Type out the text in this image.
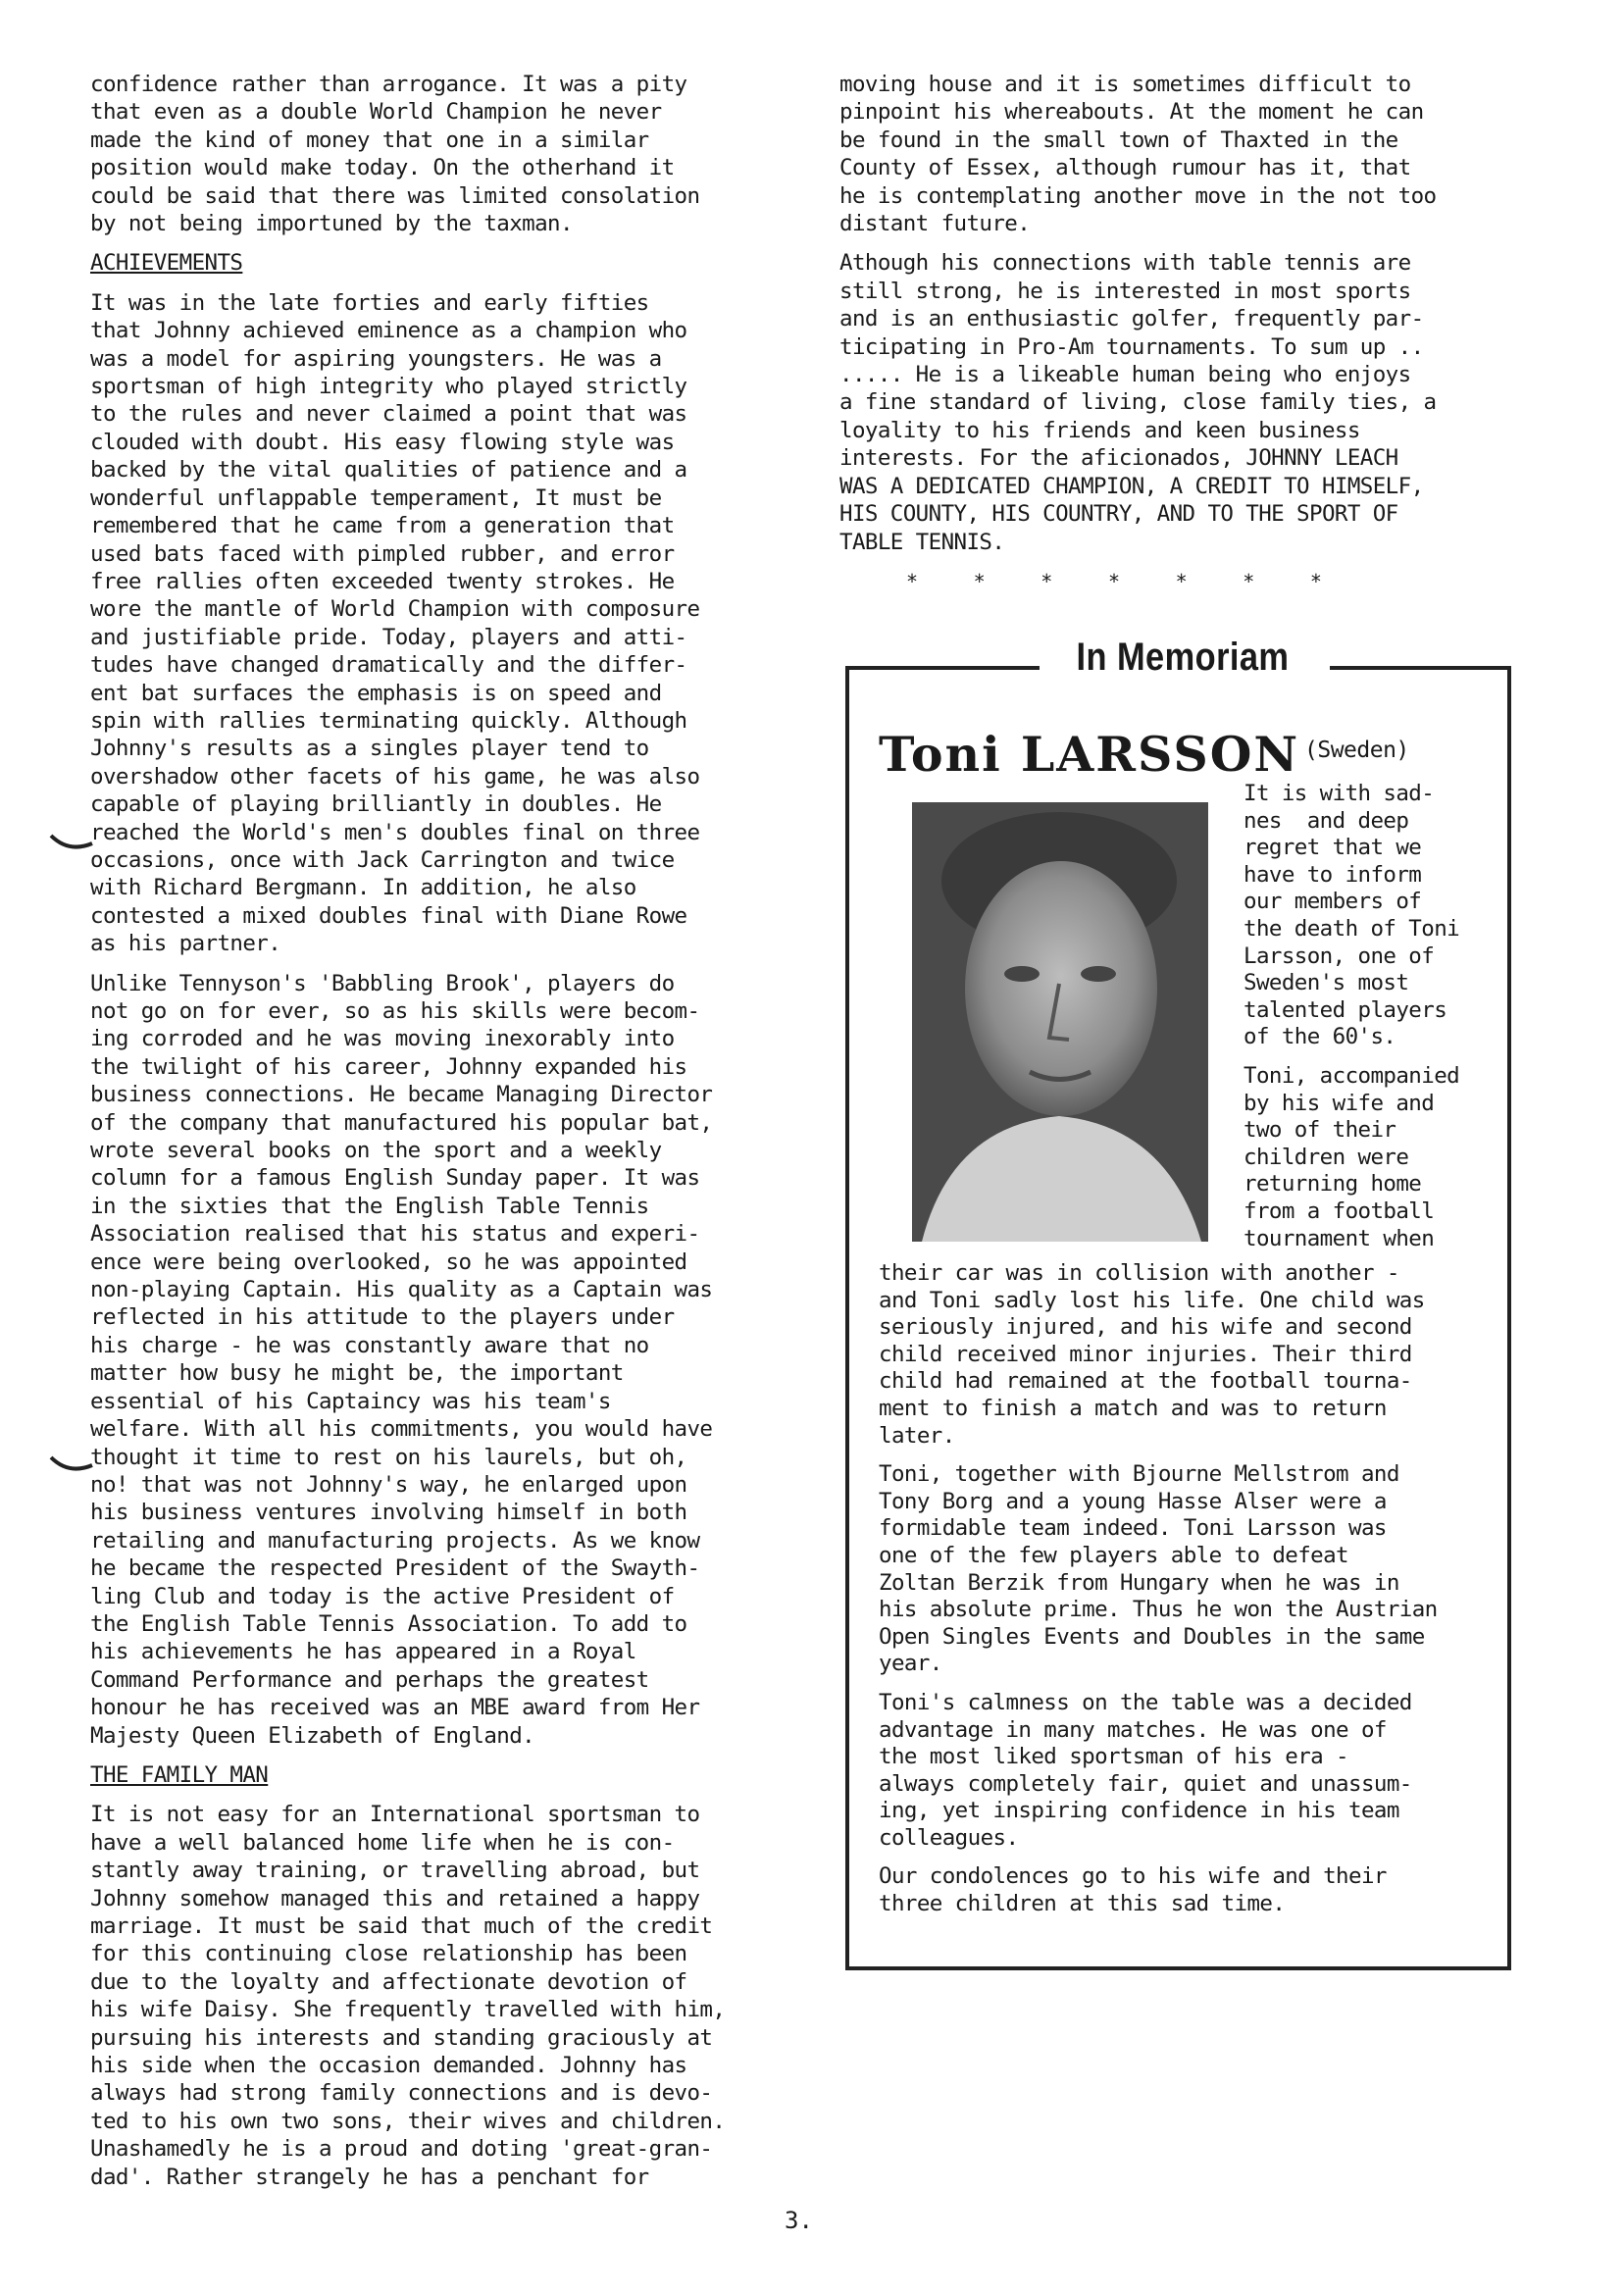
confidence rather than arrogance. It was a pity
that even as a double World Champion he never
made the kind of money that one in a similar
position would make today. On the otherhand it
could be said that there was limited consolation
by not being importuned by the taxman.

ACHIEVEMENTS

It was in the late forties and early fifties
that Johnny achieved eminence as a champion who
was a model for aspiring youngsters. He was a
sportsman of high integrity who played strictly
to the rules and never claimed a point that was
clouded with doubt. His easy flowing style was
backed by the vital qualities of patience and a
wonderful unflappable temperament, It must be
remembered that he came from a generation that
used bats faced with pimpled rubber, and error
free rallies often exceeded twenty strokes. He
wore the mantle of World Champion with composure
and justifiable pride. Today, players and atti-
tudes have changed dramatically and the differ-
ent bat surfaces the emphasis is on speed and
spin with rallies terminating quickly. Although
Johnny's results as a singles player tend to
overshadow other facets of his game, he was also
capable of playing brilliantly in doubles. He
reached the World's men's doubles final on three
occasions, once with Jack Carrington and twice
with Richard Bergmann. In addition, he also
contested a mixed doubles final with Diane Rowe
as his partner.

Unlike Tennyson's 'Babbling Brook', players do
not go on for ever, so as his skills were becom-
ing corroded and he was moving inexorably into
the twilight of his career, Johnny expanded his
business connections. He became Managing Director
of the company that manufactured his popular bat,
wrote several books on the sport and a weekly
column for a famous English Sunday paper. It was
in the sixties that the English Table Tennis
Association realised that his status and experi-
ence were being overlooked, so he was appointed
non-playing Captain. His quality as a Captain was
reflected in his attitude to the players under
his charge - he was constantly aware that no
matter how busy he might be, the important
essential of his Captaincy was his team's
welfare. With all his commitments, you would have
thought it time to rest on his laurels, but oh,
no! that was not Johnny's way, he enlarged upon
his business ventures involving himself in both
retailing and manufacturing projects. As we know
he became the respected President of the Swayth-
ling Club and today is the active President of
the English Table Tennis Association. To add to
his achievements he has appeared in a Royal
Command Performance and perhaps the greatest
honour he has received was an MBE award from Her
Majesty Queen Elizabeth of England.

THE FAMILY MAN

It is not easy for an International sportsman to
have a well balanced home life when he is con-
stantly away training, or travelling abroad, but
Johnny somehow managed this and retained a happy
marriage. It must be said that much of the credit
for this continuing close relationship has been
due to the loyalty and affectionate devotion of
his wife Daisy. She frequently travelled with him,
pursuing his interests and standing graciously at
his side when the occasion demanded. Johnny has
always had strong family connections and is devo-
ted to his own two sons, their wives and children.
Unashamedly he is a proud and doting 'great-gran-
dad'. Rather strangely he has a penchant for

moving house and it is sometimes difficult to
pinpoint his whereabouts. At the moment he can
be found in the small town of Thaxted in the
County of Essex, although rumour has it, that
he is contemplating another move in the not too
distant future.

Athough his connections with table tennis are
still strong, he is interested in most sports
and is an enthusiastic golfer, frequently par-
ticipating in Pro-Am tournaments. To sum up ..
..... He is a likeable human being who enjoys
a fine standard of living, close family ties, a
loyality to his friends and keen business
interests. For the aficionados, JOHNNY LEACH
WAS A DEDICATED CHAMPION, A CREDIT TO HIMSELF,
HIS COUNTY, HIS COUNTRY, AND TO THE SPORT OF
TABLE TENNIS.

*     *     *     *     *     *     *
In Memoriam
Toni LARSSON (Sweden)

It is with sad-
nes  and deep
regret that we
have to inform
our members of
the death of Toni
Larsson, one of
Sweden's most
talented players
of the 60's.

Toni, accompanied
by his wife and
two of their
children were
returning home
from a football
tournament when

their car was in collision with another -
and Toni sadly lost his life. One child was
seriously injured, and his wife and second
child received minor injuries. Their third
child had remained at the football tourna-
ment to finish a match and was to return
later.

Toni, together with Bjourne Mellstrom and
Tony Borg and a young Hasse Alser were a
formidable team indeed. Toni Larsson was
one of the few players able to defeat
Zoltan Berzik from Hungary when he was in
his absolute prime. Thus he won the Austrian
Open Singles Events and Doubles in the same
year.

Toni's calmness on the table was a decided
advantage in many matches. He was one of
the most liked sportsman of his era -
always completely fair, quiet and unassum-
ing, yet inspiring confidence in his team
colleagues.

Our condolences go to his wife and their
three children at this sad time.

3.
